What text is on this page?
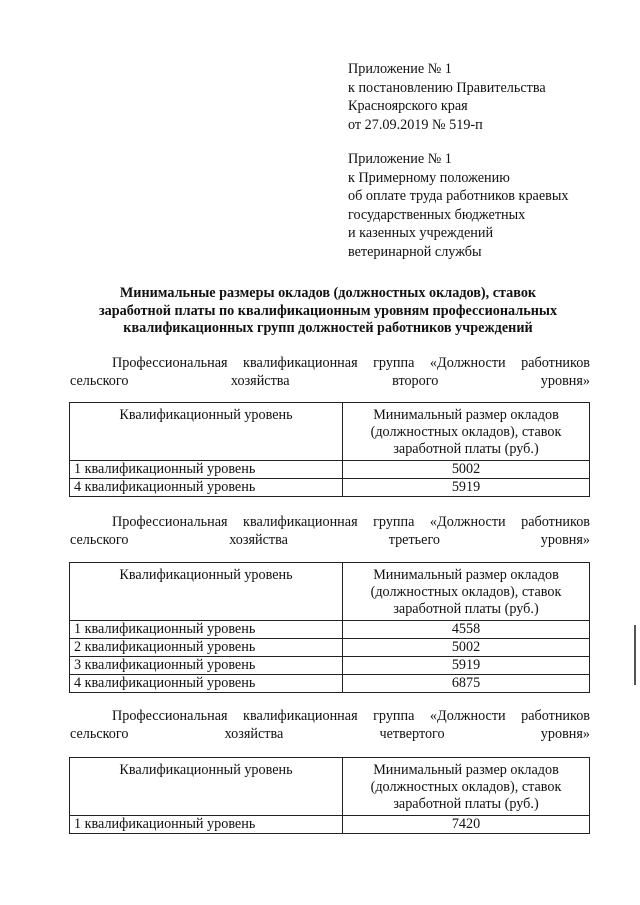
Приложение № 1
к постановлению Правительства
Красноярского края
от 27.09.2019 № 519-п
Приложение № 1
к Примерному положению
об оплате труда работников краевых
государственных бюджетных
и казенных учреждений
ветеринарной службы
Минимальные размеры окладов (должностных окладов), ставок
заработной платы по квалификационным уровням профессиональных
квалификационных групп должностей работников учреждений
Профессиональная квалификационная группа «Должности работников сельского хозяйства второго уровня»
Квалификационный уровень	Минимальный размер окладов (должностных окладов), ставок заработной платы (руб.)
1 квалификационный уровень	5002
4 квалификационный уровень	5919
Профессиональная квалификационная группа «Должности работников сельского хозяйства третьего уровня»
Квалификационный уровень	Минимальный размер окладов (должностных окладов), ставок заработной платы (руб.)
1 квалификационный уровень	4558
2 квалификационный уровень	5002
3 квалификационный уровень	5919
4 квалификационный уровень	6875
Профессиональная квалификационная группа «Должности работников сельского хозяйства четвертого уровня»
Квалификационный уровень	Минимальный размер окладов (должностных окладов), ставок заработной платы (руб.)
1 квалификационный уровень	7420
